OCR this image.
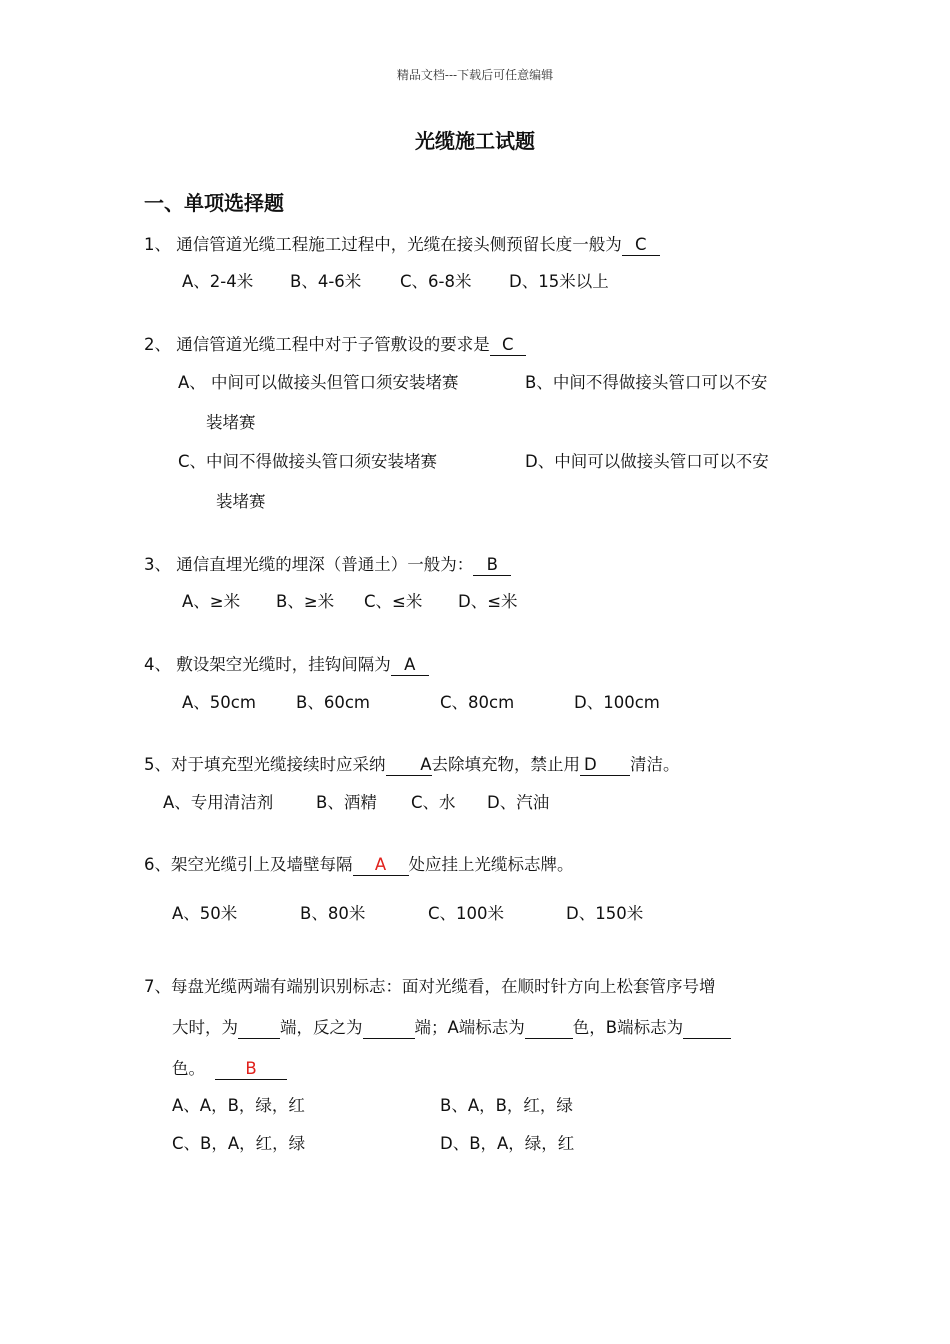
精品文档---下载后可任意编辑
光缆施工试题
一、单项选择题
1、 通信管道光缆工程施工过程中，光缆在接头侧预留长度一般为 C
A、2-4米 B、4-6米 C、6-8米 D、15米以上
2、 通信管道光缆工程中对于子管敷设的要求是 C
A、 中间可以做接头但管口须安装堵赛	B、中间不得做接头管口可以不安
装堵赛
C、中间不得做接头管口须安装堵赛	D、中间可以做接头管口可以不安
装堵赛
3、 通信直埋光缆的埋深（普通土）一般为： B
A、≥米 B、≥米 C、≤米 D、≤米
4、 敷设架空光缆时，挂钩间隔为 A
A、50cm B、60cm	C、80cm	D、100cm
5、对于填充型光缆接续时应采纳 A去除填充物，禁止用 D 清洁。
A、专用清洁剂	B、酒精 C、水 D、汽油
6、架空光缆引上及墙壁每隔 A 处应挂上光缆标志牌。
A、50米	B、80米	C、100米	D、150米
7、每盘光缆两端有端别识别标志：面对光缆看，在顺时针方向上松套管序号增
大时，为	端，反之为	端；A端标志为	色，B端标志为
色。 B
A、A，B，绿，红	B、A，B，红，绿
C、B，A，红，绿	D、B，A，绿，红
